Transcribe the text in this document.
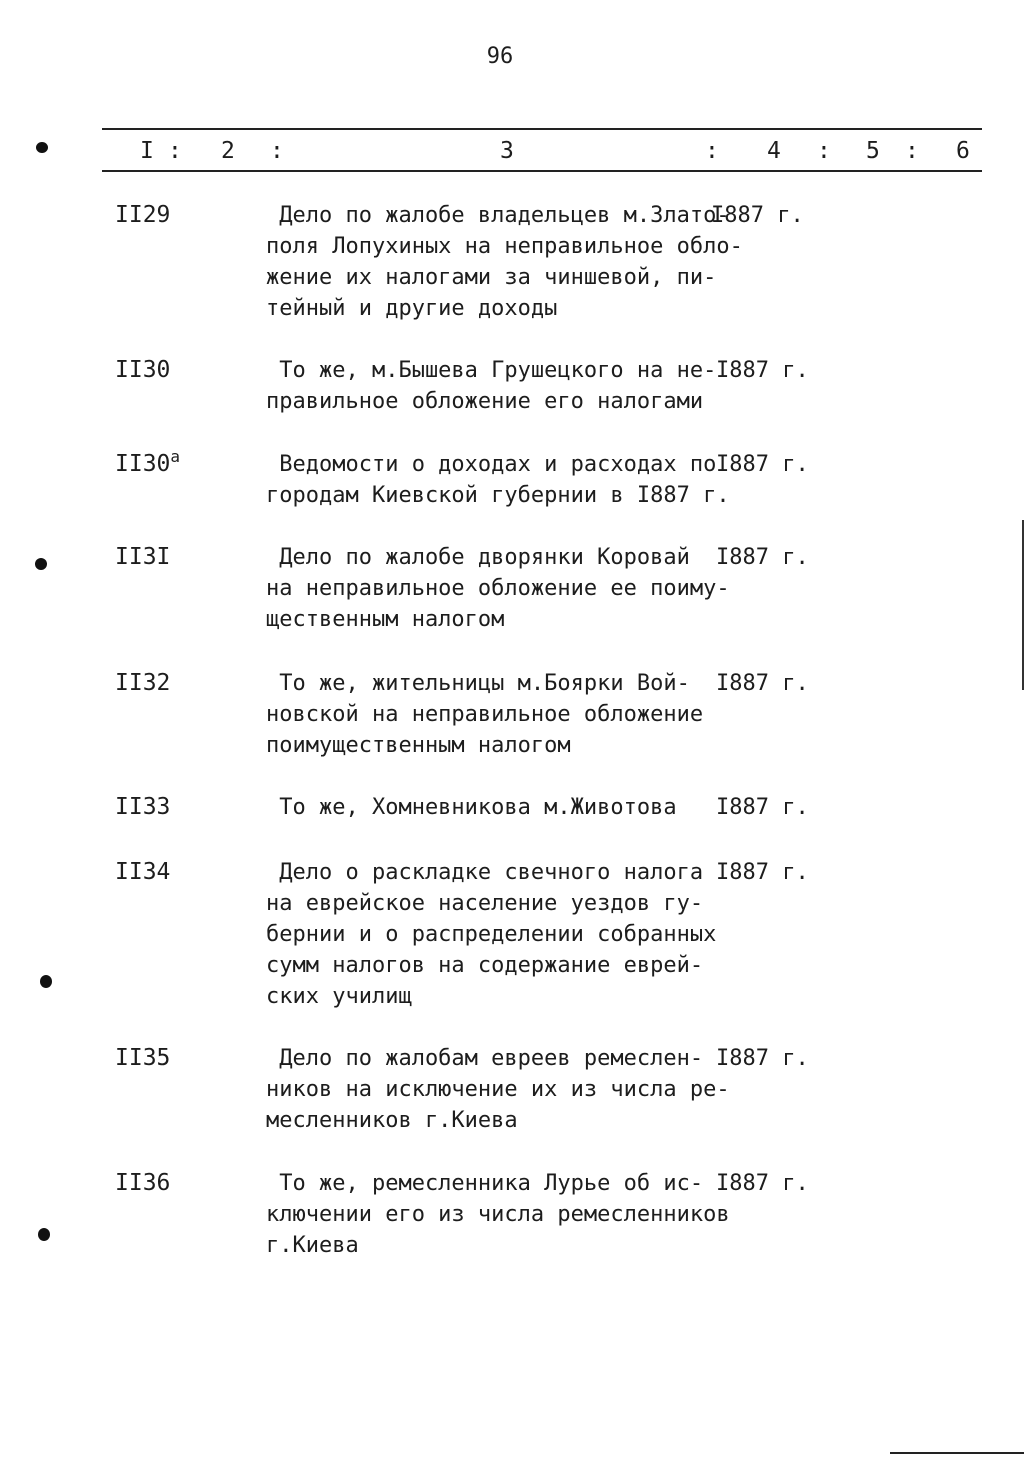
96
I : 2 :	3	: 4 : 5 : 6
II29	Дело по жалобе владельцев м.Злато-
поля Лопухиных на неправильное обло-
жение их налогами за чиншевой, пи-
тейный и другие доходы
I887 г.
II30	То же, м.Бышева Грушецкого на не-
правильное обложение его налогами
I887 г.
$II30^а$	Ведомости о доходах и расходах по
городам Киевской губернии в I887 г.
I887 г.
II3I	Дело по жалобе дворянки Коровай
на неправильное обложение ее поиму-
щественным налогом
I887 г.
II32	То же, жительницы м.Боярки Вой-
новской на неправильное обложение
поимущественным налогом
I887 г.
II33	То же, Хомневникова м.Животова	I887 г.
II34	Дело о раскладке свечного налога
на еврейское население уездов гу-
бернии и о распределении собранных
сумм налогов на содержание еврей-
ских училищ
I887 г.
II35	Дело по жалобам евреев ремеслен-
ников на исключение их из числа ре-
месленников г.Киева
I887 г.
II36	То же, ремесленника Лурье об ис-
ключении его из числа ремесленников
г.Киева
I887 г.
